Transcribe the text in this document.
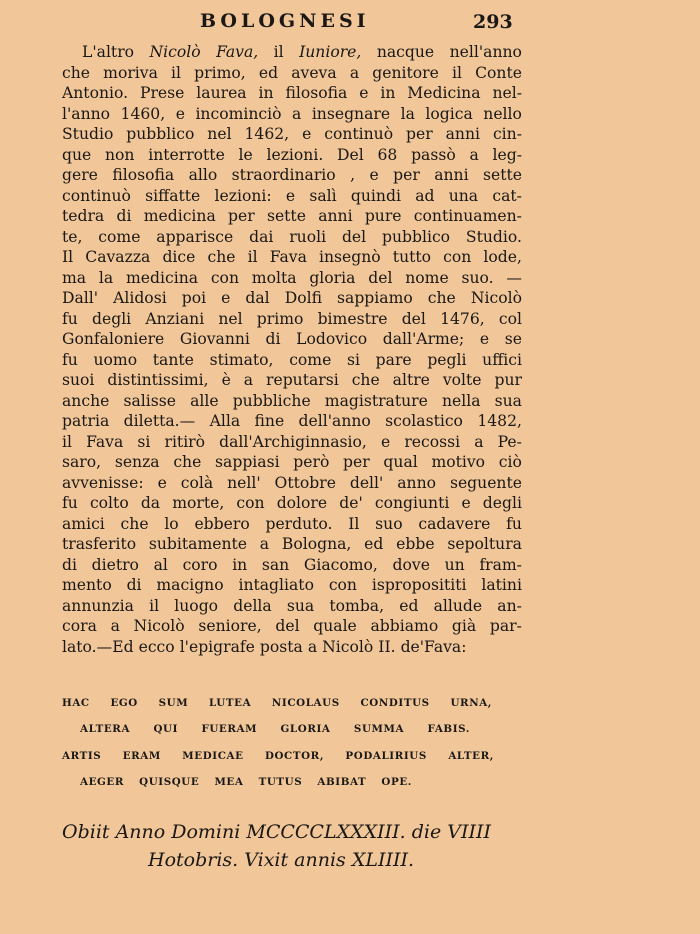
BOLOGNESI	293
L'altro Nicolò Fava, il Iuniore, nacque nell'anno
che moriva il primo, ed aveva a genitore il Conte
Antonio. Prese laurea in filosofia e in Medicina nel-
l'anno 1460, e incominciò a insegnare la logica nello
Studio pubblico nel 1462, e continuò per anni cin-
que non interrotte le lezioni. Del 68 passò a leg-
gere filosofia allo straordinario , e per anni sette
continuò siffatte lezioni: e salì quindi ad una cat-
tedra di medicina per sette anni pure continuamen-
te, come apparisce dai ruoli del pubblico Studio.
Il Cavazza dice che il Fava insegnò tutto con lode,
ma la medicina con molta gloria del nome suo. —
Dall' Alidosi poi e dal Dolfi sappiamo che Nicolò
fu degli Anziani nel primo bimestre del 1476, col
Gonfaloniere Giovanni di Lodovico dall'Arme; e se
fu uomo tante stimato, come si pare pegli uffici
suoi distintissimi, è a reputarsi che altre volte pur
anche salisse alle pubbliche magistrature nella sua
patria diletta.— Alla fine dell'anno scolastico 1482,
il Fava si ritirò dall'Archiginnasio, e recossi a Pe-
saro, senza che sappiasi però per qual motivo ciò
avvenisse: e colà nell' Ottobre dell' anno seguente
fu colto da morte, con dolore de' congiunti e degli
amici che lo ebbero perduto. Il suo cadavere fu
trasferito subitamente a Bologna, ed ebbe sepoltura
di dietro al coro in san Giacomo, dove un fram-
mento di macigno intagliato con isproposititi latini
annunzia il luogo della sua tomba, ed allude an-
cora a Nicolò seniore, del quale abbiamo già par-
lato.—Ed ecco l'epigrafe posta a Nicolò II. de'Fava:
HAC EGO SUM LUTEA NICOLAUS CONDITUS URNA,
ALTERA QUI FUERAM GLORIA SUMMA FABIS.
ARTIS ERAM MEDICAE DOCTOR, PODALIRIUS ALTER,
AEGER QUISQUE MEA TUTUS ABIBAT OPE.
Obiit Anno Domini MCCCCLXXXIII. die VIIII
Hotobris. Vixit annis XLIIII.
